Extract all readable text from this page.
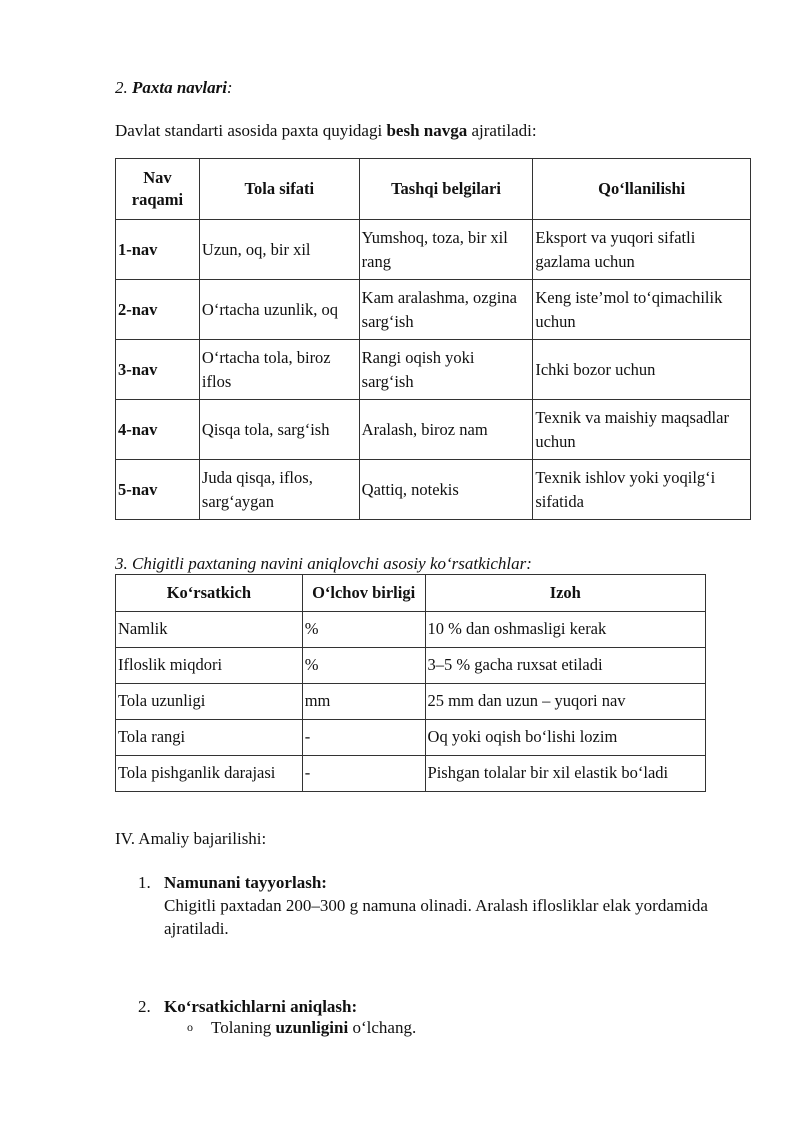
2. Paxta navlari:
Davlat standarti asosida paxta quyidagi besh navga ajratiladi:
Nav raqami	Tola sifati	Tashqi belgilari	Qo‘llanilishi
1-nav	Uzun, oq, bir xil	Yumshoq, toza, bir xil rang	Eksport va yuqori sifatli gazlama uchun
2-nav	O‘rtacha uzunlik, oq	Kam aralashma, ozgina sarg‘ish	Keng iste’mol to‘qimachilik uchun
3-nav	O‘rtacha tola, biroz iflos	Rangi oqish yoki sarg‘ish	Ichki bozor uchun
4-nav	Qisqa tola, sarg‘ish	Aralash, biroz nam	Texnik va maishiy maqsadlar uchun
5-nav	Juda qisqa, iflos, sarg‘aygan	Qattiq, notekis	Texnik ishlov yoki yoqilg‘i sifatida
3. Chigitli paxtaning navini aniqlovchi asosiy ko‘rsatkichlar:
Ko‘rsatkich	O‘lchov birligi	Izoh
Namlik	%	10 % dan oshmasligi kerak
Ifloslik miqdori	%	3–5 % gacha ruxsat etiladi
Tola uzunligi	mm	25 mm dan uzun – yuqori nav
Tola rangi	-	Oq yoki oqish bo‘lishi lozim
Tola pishganlik darajasi	-	Pishgan tolalar bir xil elastik bo‘ladi
IV. Amaliy bajarilishi:
1. Namunani tayyorlash:
Chigitli paxtadan 200–300 g namuna olinadi. Aralash iflosliklar elak yordamida ajratiladi.
2. Ko‘rsatkichlarni aniqlash:
o Tolaning uzunligini o‘lchang.
